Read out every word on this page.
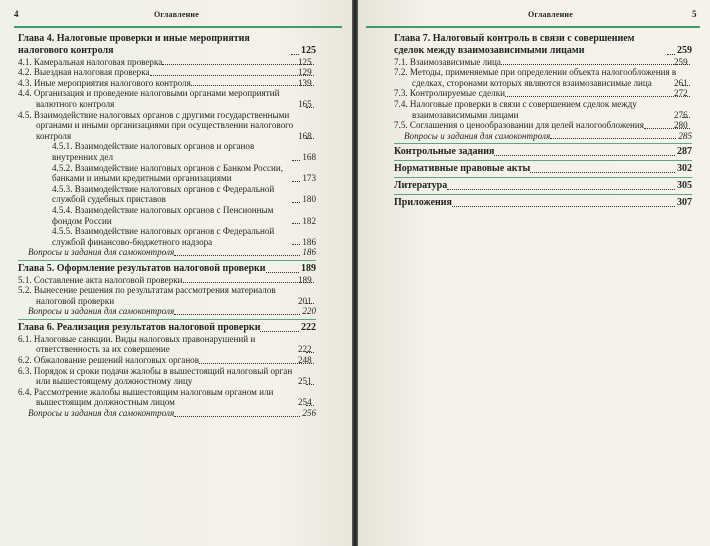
4	Оглавление
Глава 4. Налоговые проверки и иные мероприятия налогового контроля	125
4.1. Камеральная налоговая проверка	125
4.2. Выездная налоговая проверка	129
4.3. Иные мероприятия налогового контроля	139
4.4. Организация и проведение налоговыми органами мероприятий валютного контроля	165
4.5. Взаимодействие налоговых органов с другими государственными органами и иными организациями при осуществлении налогового контроля	168
4.5.1. Взаимодействие налоговых органов и органов внутренних дел	168
4.5.2. Взаимодействие налоговых органов с Банком России, банками и иными кредитными организациями	173
4.5.3. Взаимодействие налоговых органов с Федеральной службой судебных приставов	180
4.5.4. Взаимодействие налоговых органов с Пенсионным фондом России	182
4.5.5. Взаимодействие налоговых органов с Федеральной службой финансово-бюджетного надзора	186
Вопросы и задания для самоконтроля	186
Глава 5. Оформление результатов налоговой проверки	189
5.1. Составление акта налоговой проверки	189
5.2. Вынесение решения по результатам рассмотрения материалов налоговой проверки	201
Вопросы и задания для самоконтроля	220
Глава 6. Реализация результатов налоговой проверки	222
6.1. Налоговые санкции. Виды налоговых правонарушений и ответственность за их совершение	222
6.2. Обжалование решений налоговых органов	248
6.3. Порядок и сроки подачи жалобы в вышестоящий налоговый орган или вышестоящему должностному лицу	251
6.4. Рассмотрение жалобы вышестоящим налоговым органом или вышестоящим должностным лицом	254
Вопросы и задания для самоконтроля	256
Оглавление	5
Глава 7. Налоговый контроль в связи с совершением сделок между взаимозависимыми лицами	259
7.1. Взаимозависимые лица	259
7.2. Методы, применяемые при определении объекта налогообложения в сделках, сторонами которых являются взаимозависимые лица	261
7.3. Контролируемые сделки	272
7.4. Налоговые проверки в связи с совершением сделок между взаимозависимыми лицами	276
7.5. Соглашения о ценообразовании для целей налогообложения	280
Вопросы и задания для самоконтроля	285
Контрольные задания	287
Нормативные правовые акты	302
Литература	305
Приложения	307
